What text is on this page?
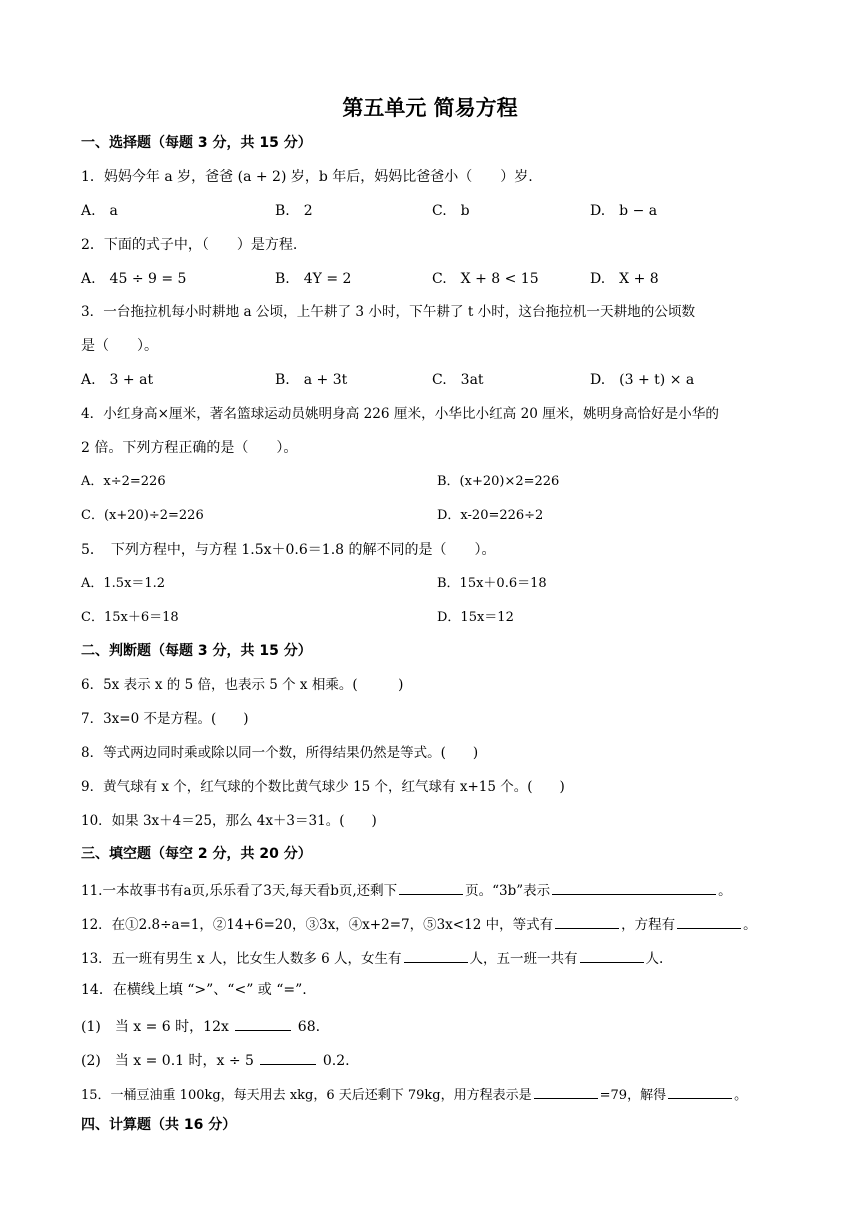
第五单元 简易方程
一、选择题（每题 3 分，共 15 分）
1．妈妈今年 a 岁，爸爸 (a + 2) 岁，b 年后，妈妈比爸爸小（　　）岁.
A.　a	B.　2	C.　b	D.　b − a
2．下面的式子中，（　　）是方程.
A.　45 ÷ 9 = 5	B.　4Y = 2	C.　X + 8 < 15	D.　X + 8
3．一台拖拉机每小时耕地 a 公顷，上午耕了 3 小时，下午耕了 t 小时，这台拖拉机一天耕地的公顷数
是（　　）。
A.　3 + at	B.　a + 3t	C.　3at	D.　(3 + t) × a
4．小红身高×厘米，著名篮球运动员姚明身高 226 厘米，小华比小红高 20 厘米，姚明身高恰好是小华的
2 倍。下列方程正确的是（　　）。
A．x÷2=226	B．(x+20)×2=226
C．(x+20)÷2=226	D．x-20=226÷2
5．　下列方程中，与方程 1.5x＋0.6＝1.8 的解不同的是（　　）。
A．1.5x＝1.2	B．15x＋0.6＝18
C．15x＋6＝18	D．15x＝12
二、判断题（每题 3 分，共 15 分）
6．5x 表示 x 的 5 倍，也表示 5 个 x 相乘。(　　　)
7．3x=0 不是方程。(　　)
8．等式两边同时乘或除以同一个数，所得结果仍然是等式。(　　)
9．黄气球有 x 个，红气球的个数比黄气球少 15 个，红气球有 x+15 个。(　　)
10．如果 3x＋4＝25，那么 4x＋3＝31。(　　)
三、填空题（每空 2 分，共 20 分）
11.一本故事书有a页,乐乐看了3天,每天看b页,还剩下	页。“3b”表示	。
12．在①2.8÷a=1，②14+6=20，③3x，④x+2=7，⑤3x<12 中，等式有	，方程有	。
13．五一班有男生 x 人，比女生人数多 6 人，女生有	人，五一班一共有	人.
14．在横线上填 “>”、“<” 或 “=”.
(1)　当 x = 6 时，12x	68.
(2)　当 x = 0.1 时，x ÷ 5	0.2.
15．一桶豆油重 100kg，每天用去 xkg，6 天后还剩下 79kg，用方程表示是	=79，解得	。
四、计算题（共 16 分）
